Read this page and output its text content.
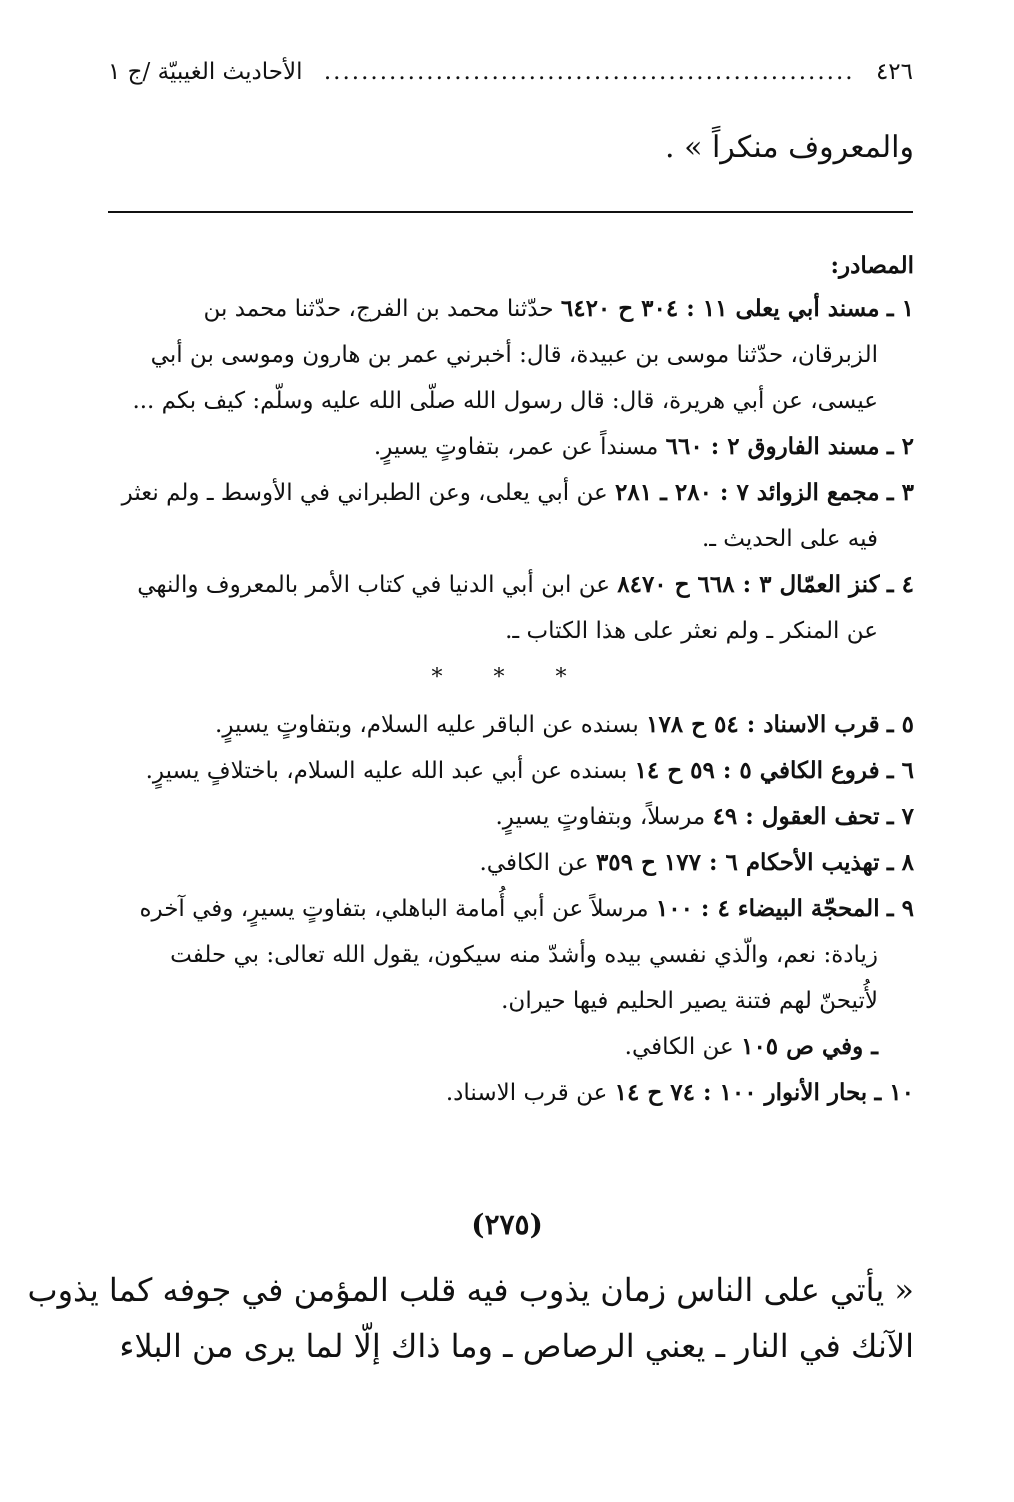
٤٢٦
.........................................................
الأحاديث الغيبيّة /ج ١
والمعروف منكراً » .
المصادر:
١ ـ مسند أبي يعلى ١١ : ٣٠٤ ح ٦٤٢٠ حدّثنا محمد بن الفرج، حدّثنا محمد بن
الزبرقان، حدّثنا موسى بن عبيدة، قال: أخبرني عمر بن هارون وموسى بن أبي
عيسى، عن أبي هريرة، قال: قال رسول الله صلّى الله عليه وسلّم: كيف بكم ...
٢ ـ مسند الفاروق ٢ : ٦٦٠ مسنداً عن عمر، بتفاوتٍ يسيرٍ.
٣ ـ مجمع الزوائد ٧ : ٢٨٠ ـ ٢٨١ عن أبي يعلى، وعن الطبراني في الأوسط ـ ولم نعثر
فيه على الحديث ـ.
٤ ـ كنز العمّال ٣ : ٦٦٨ ح ٨٤٧٠ عن ابن أبي الدنيا في كتاب الأمر بالمعروف والنهي
عن المنكر ـ ولم نعثر على هذا الكتاب ـ.
* * *
٥ ـ قرب الاسناد : ٥٤ ح ١٧٨ بسنده عن الباقر عليه السلام، وبتفاوتٍ يسيرٍ.
٦ ـ فروع الكافي ٥ : ٥٩ ح ١٤ بسنده عن أبي عبد الله عليه السلام، باختلافٍ يسيرٍ.
٧ ـ تحف العقول : ٤٩ مرسلاً، وبتفاوتٍ يسيرٍ.
٨ ـ تهذيب الأحكام ٦ : ١٧٧ ح ٣٥٩ عن الكافي.
٩ ـ المحجّة البيضاء ٤ : ١٠٠ مرسلاً عن أبي أُمامة الباهلي، بتفاوتٍ يسيرٍ، وفي آخره
زيادة: نعم، والّذي نفسي بيده وأشدّ منه سيكون، يقول الله تعالى: بي حلفت
لأُتيحنّ لهم فتنة يصير الحليم فيها حيران.
ـ وفي ص ١٠٥ عن الكافي.
١٠ ـ بحار الأنوار ١٠٠ : ٧٤ ح ١٤ عن قرب الاسناد.
(٢٧٥)
« يأتي على الناس زمان يذوب فيه قلب المؤمن في جوفه كما يذوب
الآنك في النار ـ يعني الرصاص ـ وما ذاك إلّا لما يرى من البلاء
